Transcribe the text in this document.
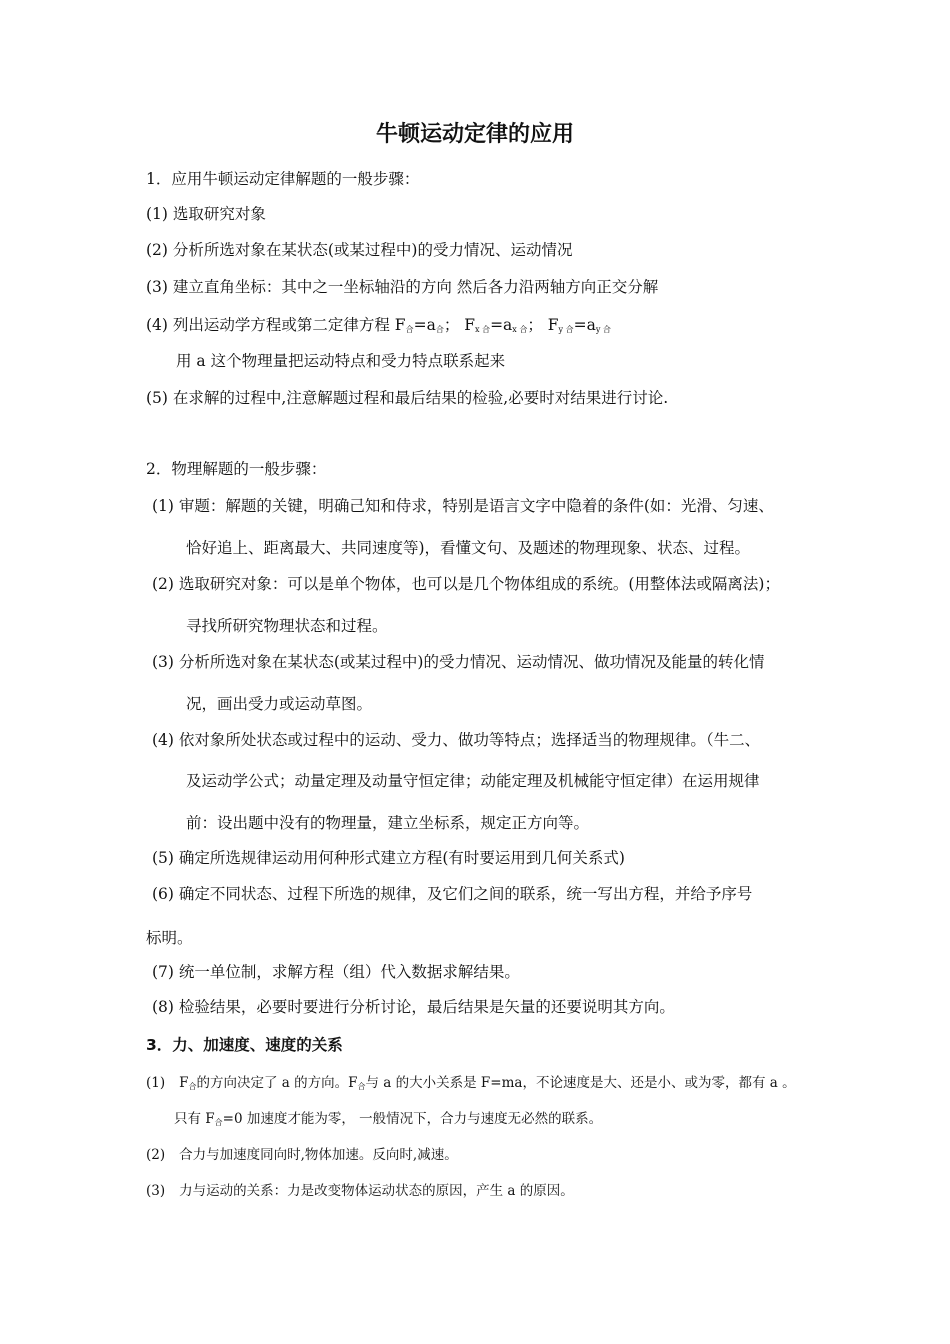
牛顿运动定律的应用
1．应用牛顿运动定律解题的一般步骤：
(1) 选取研究对象
(2) 分析所选对象在某状态(或某过程中)的受力情况、运动情况
(3) 建立直角坐标：其中之一坐标轴沿的方向 然后各力沿两轴方向正交分解
(4) 列出运动学方程或第二定律方程 $F_合=a_合$； $F_{x 合}=a_{x 合}$； $F_{y 合}=a_{y 合}$
用 a 这个物理量把运动特点和受力特点联系起来
(5) 在求解的过程中,注意解题过程和最后结果的检验,必要时对结果进行讨论.
2．物理解题的一般步骤：
(1) 审题：解题的关键，明确己知和侍求，特别是语言文字中隐着的条件(如：光滑、匀速、
恰好追上、距离最大、共同速度等)，看懂文句、及题述的物理现象、状态、过程。
(2) 选取研究对象：可以是单个物体，也可以是几个物体组成的系统。(用整体法或隔离法)；
寻找所研究物理状态和过程。
(3) 分析所选对象在某状态(或某过程中)的受力情况、运动情况、做功情况及能量的转化情
况，画出受力或运动草图。
(4) 依对象所处状态或过程中的运动、受力、做功等特点；选择适当的物理规律。（牛二、
及运动学公式；动量定理及动量守恒定律；动能定理及机械能守恒定律）在运用规律
前：设出题中没有的物理量，建立坐标系，规定正方向等。
(5) 确定所选规律运动用何种形式建立方程(有时要运用到几何关系式)
(6) 确定不同状态、过程下所选的规律，及它们之间的联系，统一写出方程，并给予序号
标明。
(7) 统一单位制，求解方程（组）代入数据求解结果。
(8) 检验结果，必要时要进行分析讨论，最后结果是矢量的还要说明其方向。
3．力、加速度、速度的关系
(1) $F_合$的方向决定了 a 的方向。$F_合$与 a 的大小关系是 F=ma，不论速度是大、还是小、或为零，都有 a 。
只有 $F_合=0$ 加速度才能为零， 一般情况下，合力与速度无必然的联系。
(2) 合力与加速度同向时,物体加速。反向时,减速。
(3) 力与运动的关系：力是改变物体运动状态的原因，产生 a 的原因。
